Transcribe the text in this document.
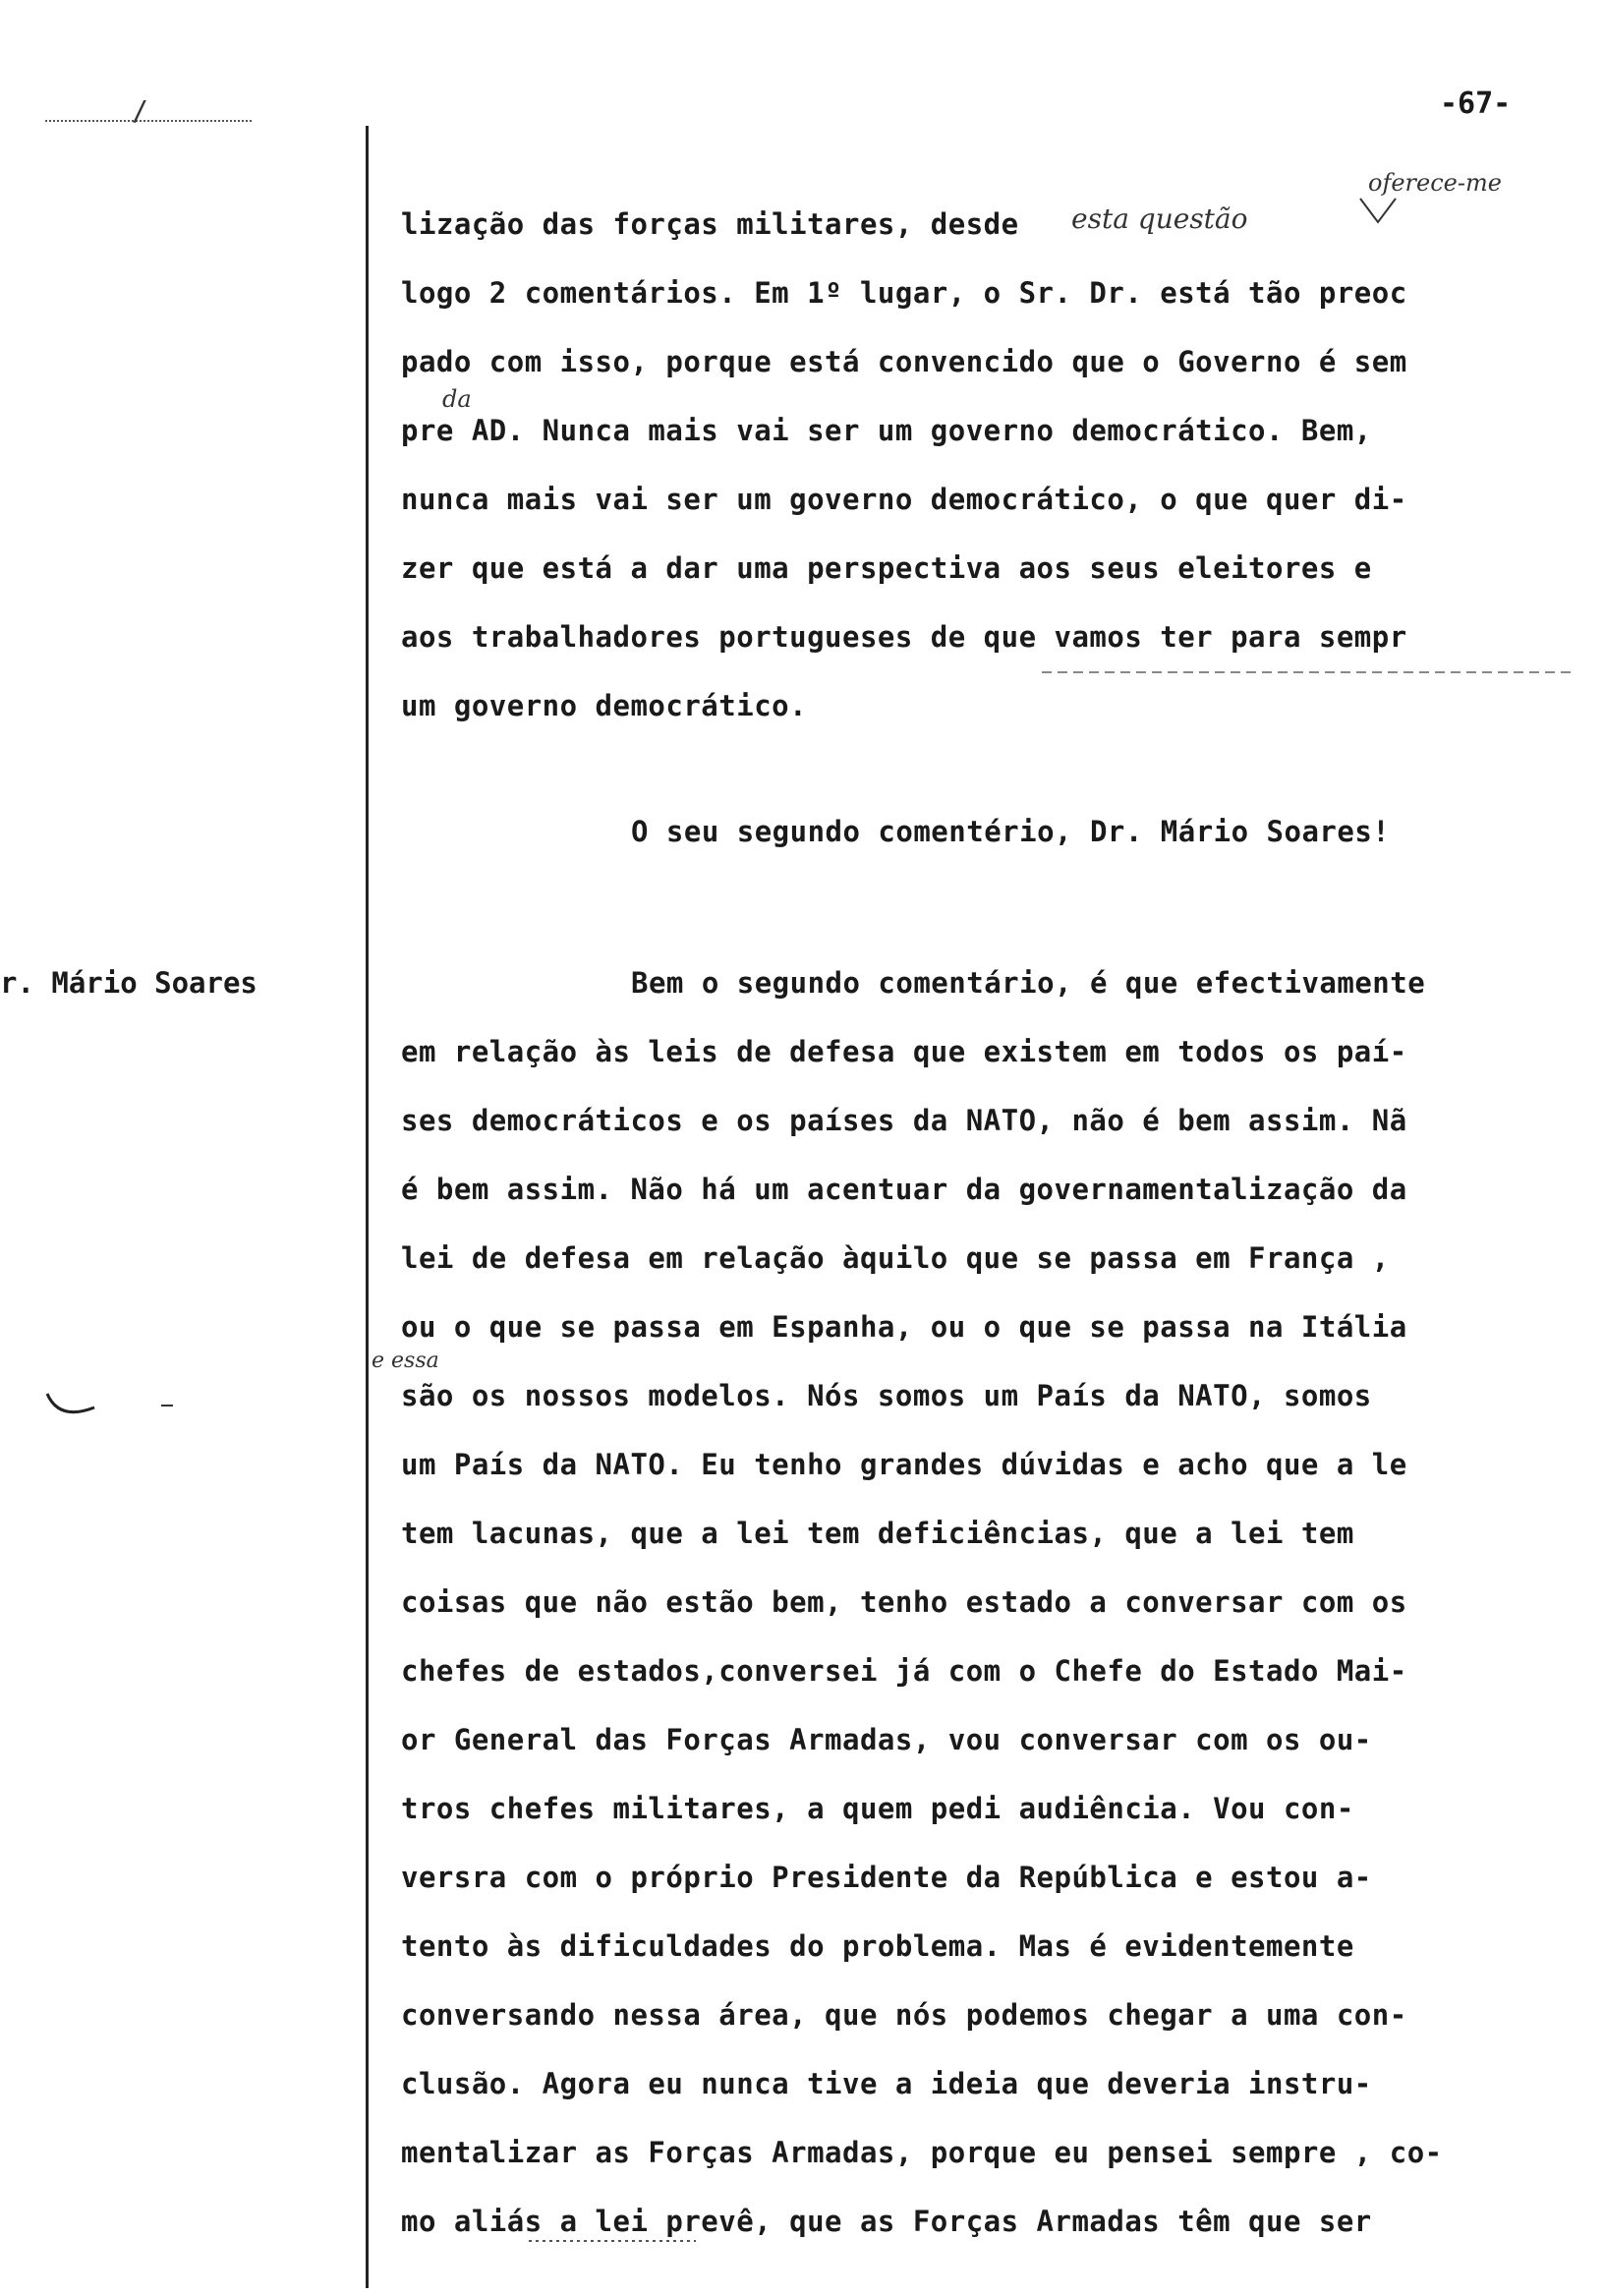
/	-67-
r. Mário Soares
lização das forças militares, desde
logo 2 comentários. Em 1º lugar, o Sr. Dr. está tão preoc
pado com isso, porque está convencido que o Governo é sem
pre AD. Nunca mais vai ser um governo democrático. Bem,
nunca mais vai ser um governo democrático, o que quer di-
zer que está a dar uma perspectiva aos seus eleitores e
aos trabalhadores portugueses de que vamos ter para sempr
um governo democrático.
O seu segundo comentério, Dr. Mário Soares!
Bem o segundo comentário, é que efectivamente
em relação às leis de defesa que existem em todos os paí-
ses democráticos e os países da NATO, não é bem assim. Nã
é bem assim. Não há um acentuar da governamentalização da
lei de defesa em relação àquilo que se passa em França ,
ou o que se passa em Espanha, ou o que se passa na Itália
são os nossos modelos. Nós somos um País da NATO, somos
um País da NATO. Eu tenho grandes dúvidas e acho que a le
tem lacunas, que a lei tem deficiências, que a lei tem
coisas que não estão bem, tenho estado a conversar com os
chefes de estados,conversei já com o Chefe do Estado Mai-
or General das Forças Armadas, vou conversar com os ou-
tros chefes militares, a quem pedi audiência. Vou con-
versra com o próprio Presidente da República e estou a-
tento às dificuldades do problema. Mas é evidentemente
conversando nessa área, que nós podemos chegar a uma con-
clusão. Agora eu nunca tive a ideia que deveria instru-
mentalizar as Forças Armadas, porque eu pensei sempre , co-
mo aliás a lei prevê, que as Forças Armadas têm que ser
esta questão
oferece-me
da
e essa
